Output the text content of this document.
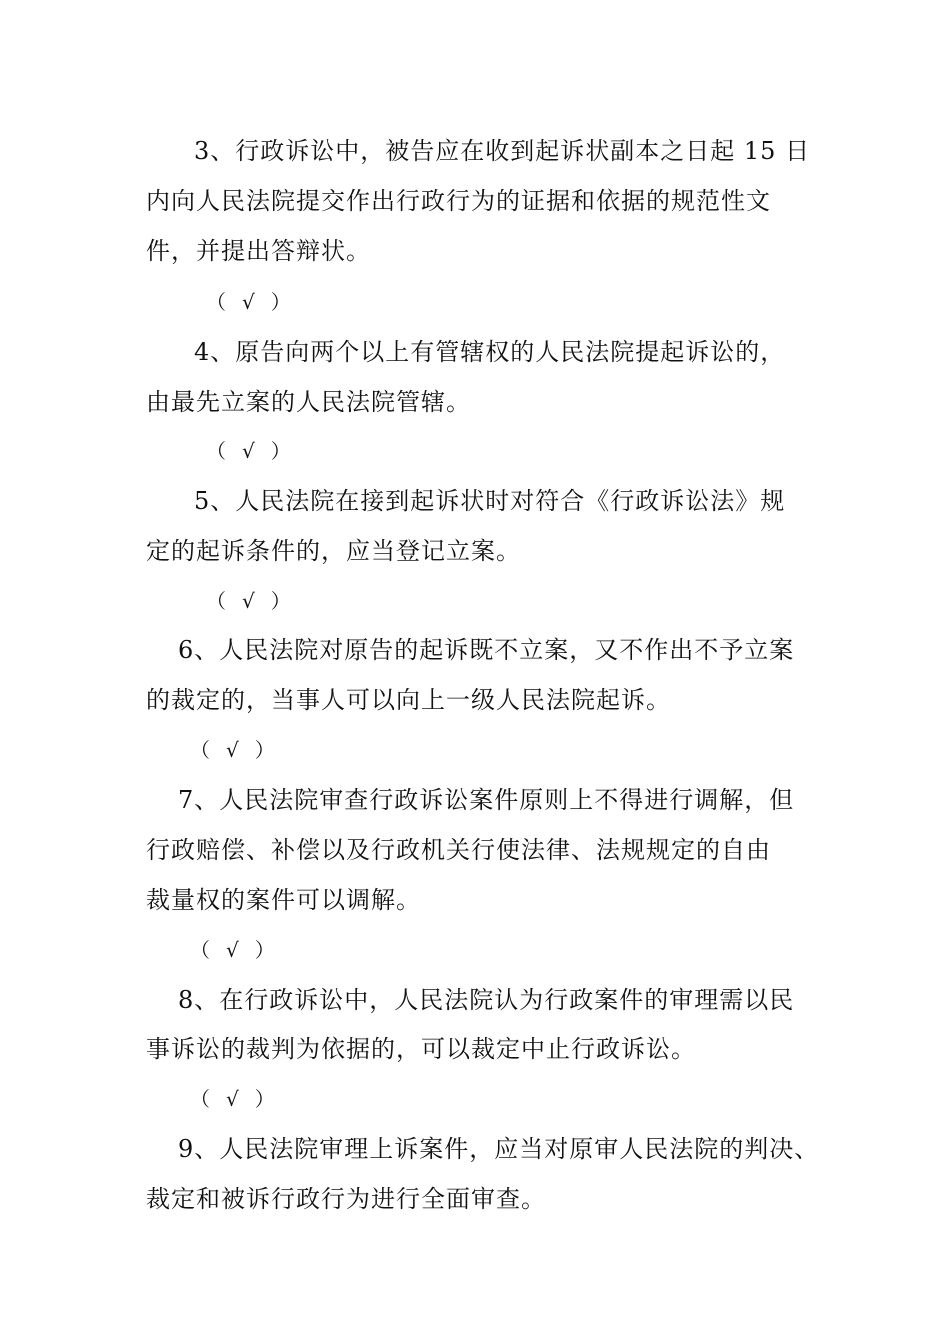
3、行政诉讼中，被告应在收到起诉状副本之日起 15 日
内向人民法院提交作出行政行为的证据和依据的规范性文
件，并提出答辩状。
（ √ ）
4、原告向两个以上有管辖权的人民法院提起诉讼的，
由最先立案的人民法院管辖。
（ √ ）
5、人民法院在接到起诉状时对符合《行政诉讼法》规
定的起诉条件的，应当登记立案。
（ √ ）
6、人民法院对原告的起诉既不立案，又不作出不予立案
的裁定的，当事人可以向上一级人民法院起诉。
（ √ ）
7、人民法院审查行政诉讼案件原则上不得进行调解，但
行政赔偿、补偿以及行政机关行使法律、法规规定的自由
裁量权的案件可以调解。
（ √ ）
8、在行政诉讼中，人民法院认为行政案件的审理需以民
事诉讼的裁判为依据的，可以裁定中止行政诉讼。
（ √ ）
9、人民法院审理上诉案件，应当对原审人民法院的判决、
裁定和被诉行政行为进行全面审查。
